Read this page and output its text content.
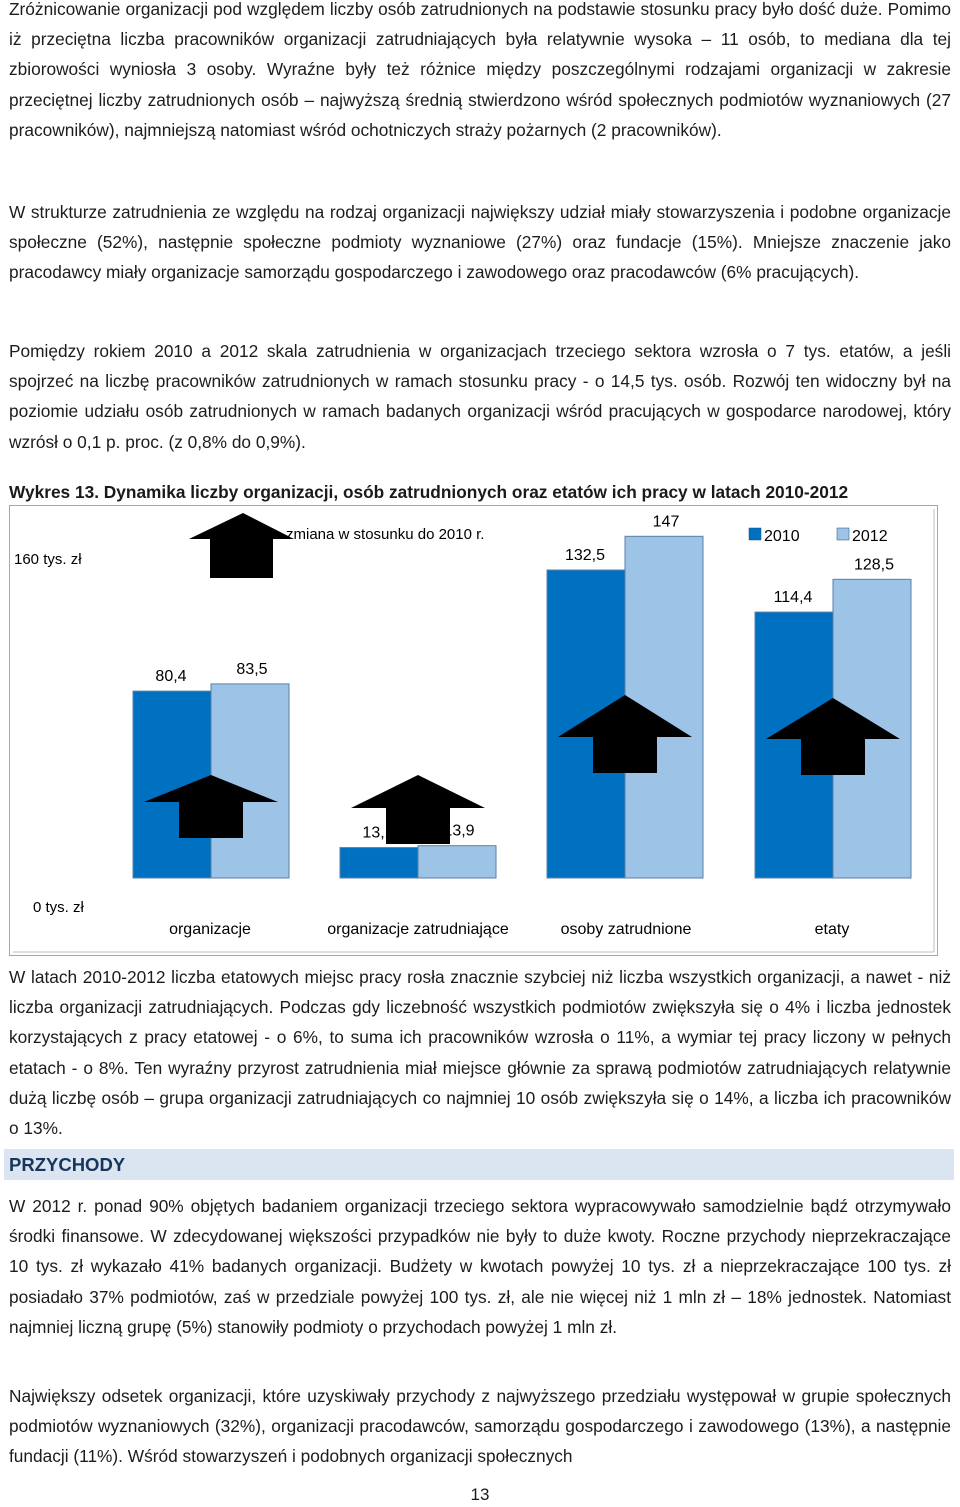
Zróżnicowanie organizacji pod względem liczby osób zatrudnionych na podstawie stosunku pracy było dość duże. Pomimo iż przeciętna liczba pracowników organizacji zatrudniających była relatywnie wysoka – 11 osób, to mediana dla tej zbiorowości wyniosła 3 osoby. Wyraźne były też różnice między poszczególnymi rodzajami organizacji w zakresie przeciętnej liczby zatrudnionych osób – najwyższą średnią stwierdzono wśród społecznych podmiotów wyznaniowych (27 pracowników), najmniejszą natomiast wśród ochotniczych straży pożarnych (2 pracowników).

W strukturze zatrudnienia ze względu na rodzaj organizacji największy udział miały stowarzyszenia i podobne organizacje społeczne (52%), następnie społeczne podmioty wyznaniowe (27%) oraz fundacje (15%). Mniejsze znaczenie jako pracodawcy miały organizacje samorządu gospodarczego i zawodowego oraz pracodawców (6% pracujących).

Pomiędzy rokiem 2010 a 2012 skala zatrudnienia w organizacjach trzeciego sektora wzrosła o 7 tys. etatów, a jeśli spojrzeć na liczbę pracowników zatrudnionych w ramach stosunku pracy - o 14,5 tys. osób. Rozwój ten widoczny był na poziomie udziału osób zatrudnionych w ramach badanych organizacji wśród pracujących w gospodarce narodowej, który wzrósł o 0,1 p. proc. (z 0,8% do 0,9%).

Wykres 13. Dynamika liczby organizacji, osób zatrudnionych oraz etatów ich pracy w latach 2010-2012
160 tys. zł
0 tys. zł
zmiana w stosunku do 2010 r.	2010	2012
4%	6%
11%	12%
80,4	83,5
13,1	13,9
132,5
147
114,4
128,5
organizacje	organizacje zatrudniające	osoby zatrudnione	etaty

W latach 2010-2012 liczba etatowych miejsc pracy rosła znacznie szybciej niż liczba wszystkich organizacji, a nawet - niż liczba organizacji zatrudniających. Podczas gdy liczebność wszystkich podmiotów zwiększyła się o 4% i liczba jednostek korzystających z pracy etatowej - o 6%, to suma ich pracowników wzrosła o 11%, a wymiar tej pracy liczony w pełnych etatach - o 8%. Ten wyraźny przyrost zatrudnienia miał miejsce głównie za sprawą podmiotów zatrudniających relatywnie dużą liczbę osób – grupa organizacji zatrudniających co najmniej 10 osób zwiększyła się o 14%, a liczba ich pracowników o 13%.

PRZYCHODY

W 2012 r. ponad 90% objętych badaniem organizacji trzeciego sektora wypracowywało samodzielnie bądź otrzymywało środki finansowe. W zdecydowanej większości przypadków nie były to duże kwoty. Roczne przychody nieprzekraczające 10 tys. zł wykazało 41% badanych organizacji. Budżety w kwotach powyżej 10 tys. zł a nieprzekraczające 100 tys. zł posiadało 37% podmiotów, zaś w przedziale powyżej 100 tys. zł, ale nie więcej niż 1 mln zł – 18% jednostek. Natomiast najmniej liczną grupę (5%) stanowiły podmioty o przychodach powyżej 1 mln zł.

Największy odsetek organizacji, które uzyskiwały przychody z najwyższego przedziału występował w grupie społecznych podmiotów wyznaniowych (32%), organizacji pracodawców, samorządu gospodarczego i zawodowego (13%), a następnie fundacji (11%). Wśród stowarzyszeń i podobnych organizacji społecznych

13
